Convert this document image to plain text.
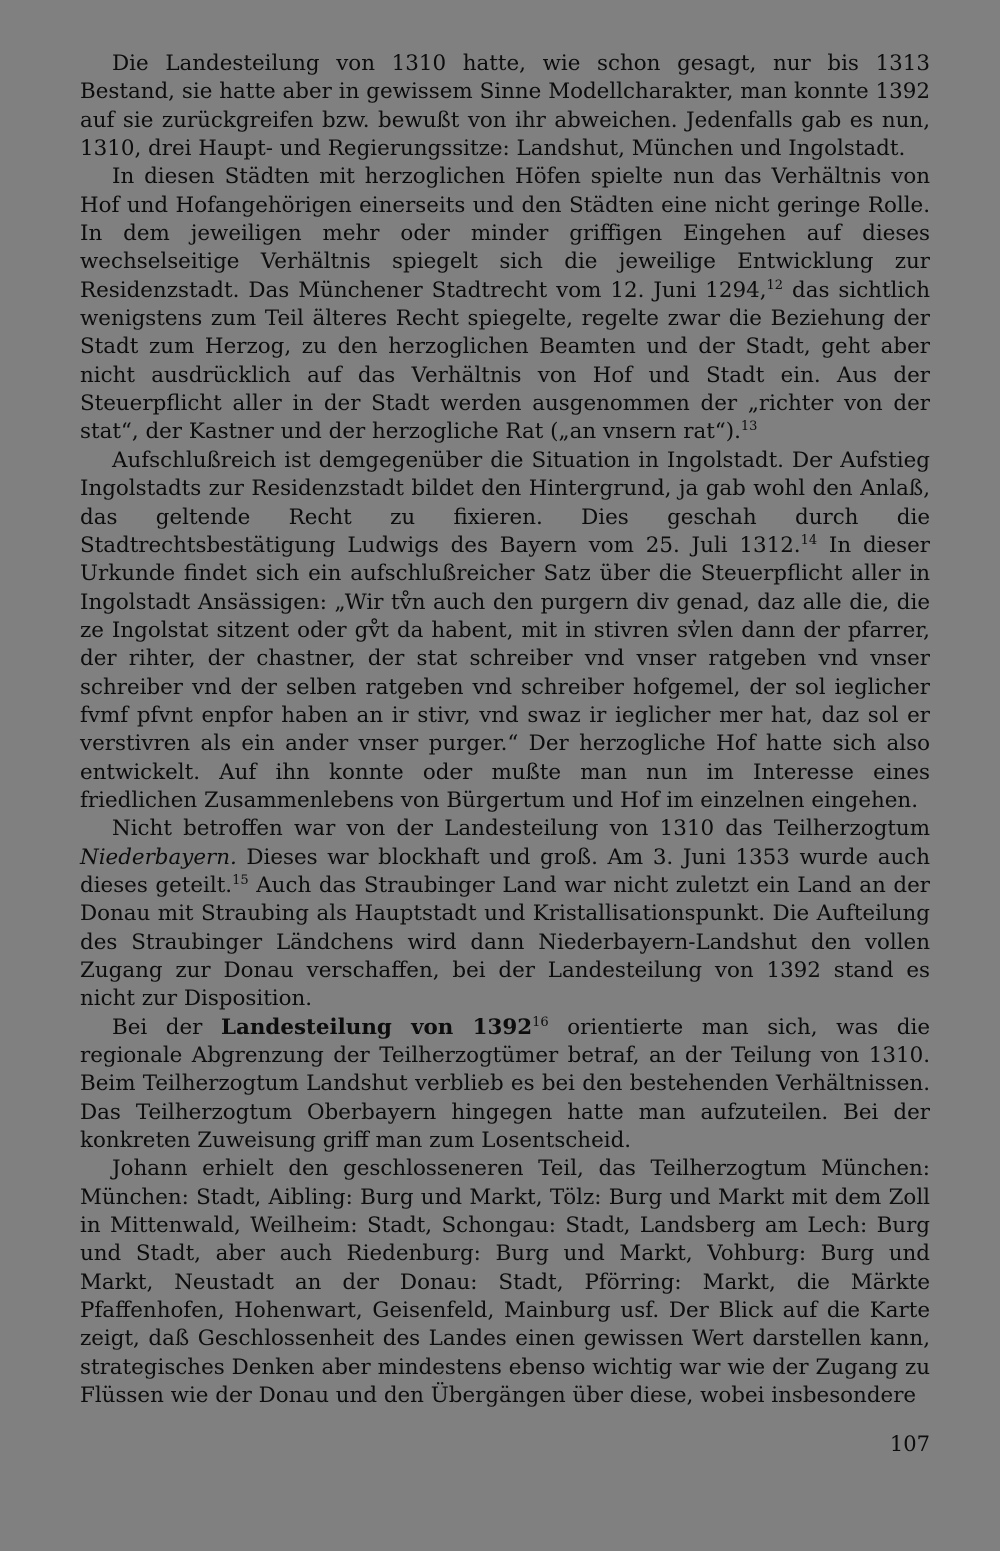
Die Landesteilung von 1310 hatte, wie schon gesagt, nur bis 1313 Bestand, sie hatte aber in gewissem Sinne Modellcharakter, man konnte 1392 auf sie zurückgreifen bzw. bewußt von ihr abweichen. Jedenfalls gab es nun, 1310, drei Haupt- und Regierungssitze: Landshut, München und Ingolstadt.

In diesen Städten mit herzoglichen Höfen spielte nun das Verhältnis von Hof und Hofangehörigen einerseits und den Städten eine nicht geringe Rolle. In dem jeweiligen mehr oder minder griffigen Eingehen auf dieses wechselseitige Verhältnis spiegelt sich die jeweilige Entwicklung zur Residenzstadt. Das Münchener Stadtrecht vom 12. Juni 1294,12 das sichtlich wenigstens zum Teil älteres Recht spiegelte, regelte zwar die Beziehung der Stadt zum Herzog, zu den herzoglichen Beamten und der Stadt, geht aber nicht ausdrücklich auf das Verhältnis von Hof und Stadt ein. Aus der Steuerpflicht aller in der Stadt werden ausgenommen der „richter von der stat“, der Kastner und der herzogliche Rat („an vnsern rat“).$^{13}$

Aufschlußreich ist demgegenüber die Situation in Ingolstadt. Der Aufstieg Ingolstadts zur Residenzstadt bildet den Hintergrund, ja gab wohl den Anlaß, das geltende Recht zu fixieren. Dies geschah durch die Stadtrechtsbestätigung Ludwigs des Bayern vom 25. Juli 1312.14 In dieser Urkunde findet sich ein aufschlußreicher Satz über die Steuerpflicht aller in Ingolstadt Ansässigen: „Wir tv̊n auch den purgern div genad, daz alle die, die ze Ingolstat sitzent oder gv̊t da habent, mit in stivren sv̓len dann der pfarrer, der rihter, der chastner, der stat schreiber vnd vnser ratgeben vnd vnser schreiber vnd der selben ratgeben vnd schreiber hofgemel, der sol ieglicher fvmf pfvnt enpfor haben an ir stivr, vnd swaz ir ieglicher mer hat, daz sol er verstivren als ein ander vnser purger.“ Der herzogliche Hof hatte sich also entwickelt. Auf ihn konnte oder mußte man nun im Interesse eines friedlichen Zusammenlebens von Bürgertum und Hof im einzelnen eingehen.

Nicht betroffen war von der Landesteilung von 1310 das Teilherzogtum Niederbayern. Dieses war blockhaft und groß. Am 3. Juni 1353 wurde auch dieses geteilt.$^{15}$ Auch das Straubinger Land war nicht zuletzt ein Land an der Donau mit Straubing als Hauptstadt und Kristallisationspunkt. Die Aufteilung des Straubinger Ländchens wird dann Niederbayern-Landshut den vollen Zugang zur Donau verschaffen, bei der Landesteilung von 1392 stand es nicht zur Disposition.

Bei der Landesteilung von 1392$^{16}$ orientierte man sich, was die regionale Abgrenzung der Teilherzogtümer betraf, an der Teilung von 1310. Beim Teilherzogtum Landshut verblieb es bei den bestehenden Verhältnissen. Das Teilherzogtum Oberbayern hingegen hatte man aufzuteilen. Bei der konkreten Zuweisung griff man zum Losentscheid.

Johann erhielt den geschlosseneren Teil, das Teilherzogtum München: München: Stadt, Aibling: Burg und Markt, Tölz: Burg und Markt mit dem Zoll in Mittenwald, Weilheim: Stadt, Schongau: Stadt, Landsberg am Lech: Burg und Stadt, aber auch Riedenburg: Burg und Markt, Vohburg: Burg und Markt, Neustadt an der Donau: Stadt, Pförring: Markt, die Märkte Pfaffenhofen, Hohenwart, Geisenfeld, Mainburg usf. Der Blick auf die Karte zeigt, daß Geschlossenheit des Landes einen gewissen Wert darstellen kann, strategisches Denken aber mindestens ebenso wichtig war wie der Zugang zu Flüssen wie der Donau und den Übergängen über diese, wobei insbesondere

107
